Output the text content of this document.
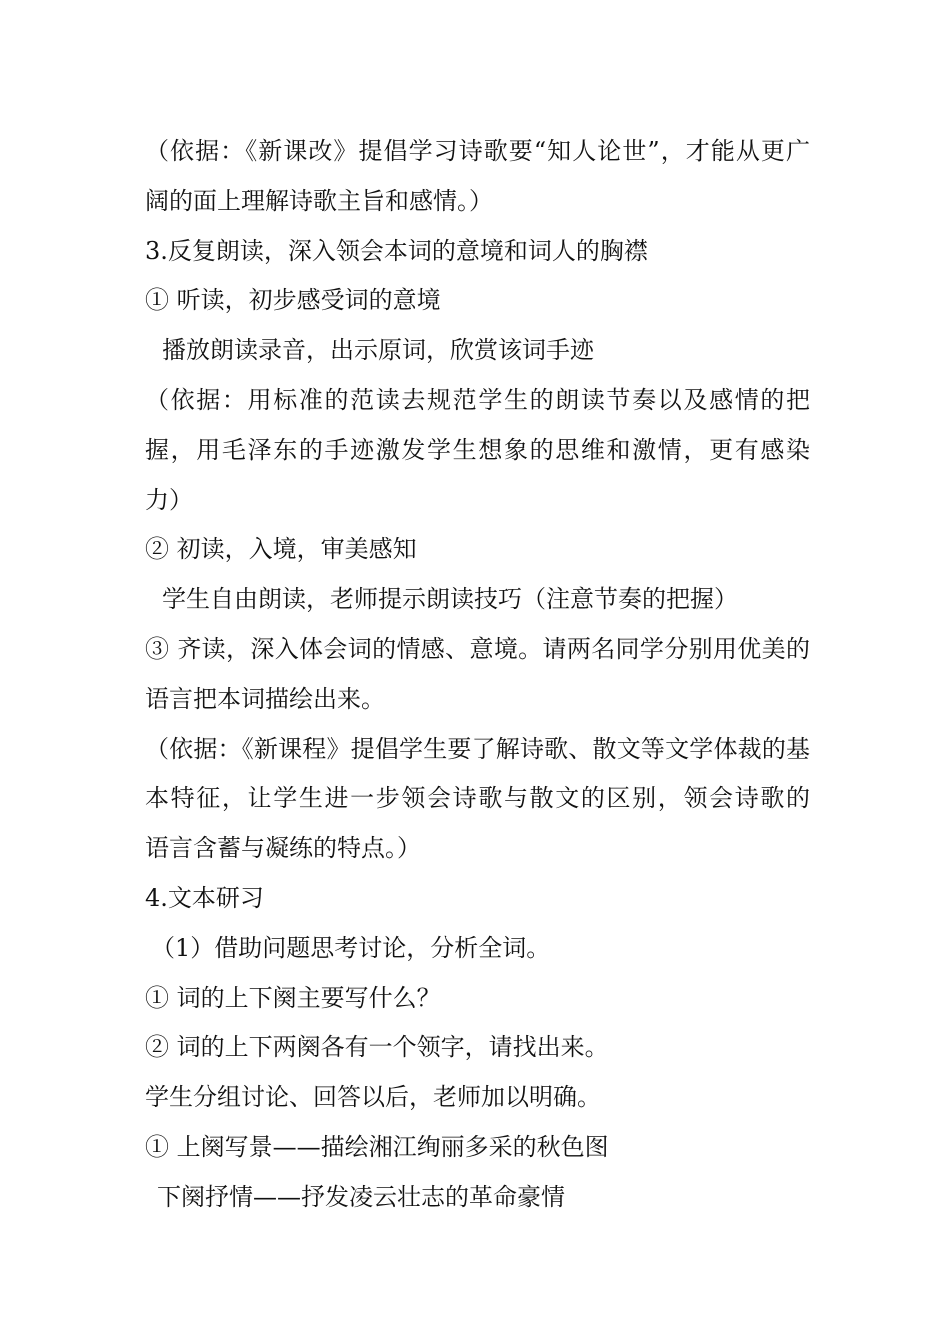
（依据：《新课改》提倡学习诗歌要“知人论世”，才能从更广
阔的面上理解诗歌主旨和感情。）
3.反复朗读，深入领会本词的意境和词人的胸襟
① 听读，初步感受词的意境
播放朗读录音，出示原词，欣赏该词手迹
（依据：用标准的范读去规范学生的朗读节奏以及感情的把
握，用毛泽东的手迹激发学生想象的思维和激情，更有感染
力）
② 初读，入境，审美感知
学生自由朗读，老师提示朗读技巧（注意节奏的把握）
③ 齐读，深入体会词的情感、意境。请两名同学分别用优美的
语言把本词描绘出来。
（依据：《新课程》提倡学生要了解诗歌、散文等文学体裁的基
本特征，让学生进一步领会诗歌与散文的区别，领会诗歌的
语言含蓄与凝练的特点。）
4.文本研习
（1）借助问题思考讨论，分析全词。
① 词的上下阕主要写什么？
② 词的上下两阕各有一个领字，请找出来。
学生分组讨论、回答以后，老师加以明确。
① 上阕写景——描绘湘江绚丽多采的秋色图
下阕抒情——抒发凌云壮志的革命豪情
